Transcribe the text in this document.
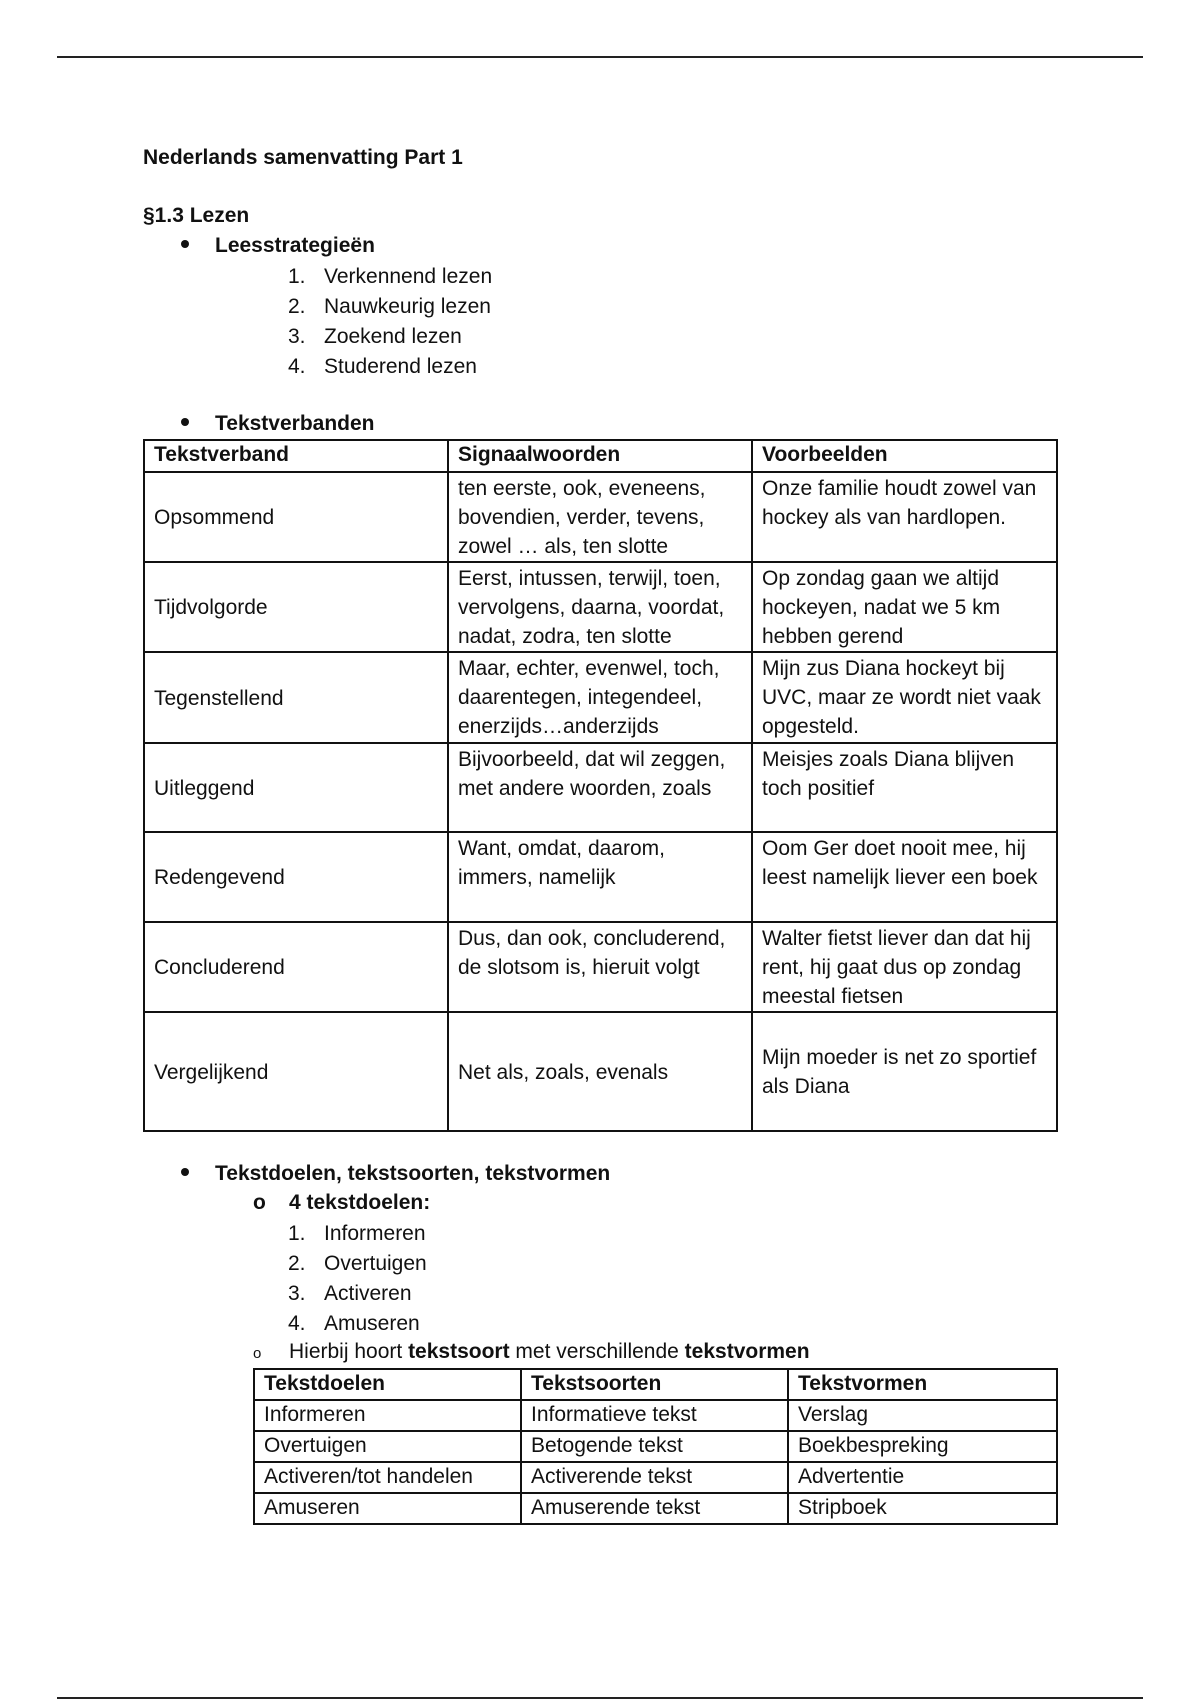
Nederlands samenvatting Part 1
§1.3 Lezen
Leesstrategieën
1. Verkennend lezen
2. Nauwkeurig lezen
3. Zoekend lezen
4. Studerend lezen
Tekstverbanden
Tekstverband	Signaalwoorden	Voorbeelden
Opsommend	ten eerste, ook, eveneens, bovendien, verder, tevens, zowel … als, ten slotte	Onze familie houdt zowel van hockey als van hardlopen.
Tijdvolgorde	Eerst, intussen, terwijl, toen, vervolgens, daarna, voordat, nadat, zodra, ten slotte	Op zondag gaan we altijd hockeyen, nadat we 5 km hebben gerend
Tegenstellend	Maar, echter, evenwel, toch, daarentegen, integendeel, enerzijds…anderzijds	Mijn zus Diana hockeyt bij UVC, maar ze wordt niet vaak opgesteld.
Uitleggend	Bijvoorbeeld, dat wil zeggen, met andere woorden, zoals	Meisjes zoals Diana blijven toch positief
Redengevend	Want, omdat, daarom, immers, namelijk	Oom Ger doet nooit mee, hij leest namelijk liever een boek
Concluderend	Dus, dan ook, concluderend, de slotsom is, hieruit volgt	Walter fietst liever dan dat hij rent, hij gaat dus op zondag meestal fietsen
Vergelijkend	Net als, zoals, evenals	Mijn moeder is net zo sportief als Diana
Tekstdoelen, tekstsoorten, tekstvormen
o 4 tekstdoelen:
1. Informeren
2. Overtuigen
3. Activeren
4. Amuseren
o Hierbij hoort tekstsoort met verschillende tekstvormen
Tekstdoelen	Tekstsoorten	Tekstvormen
Informeren	Informatieve tekst	Verslag
Overtuigen	Betogende tekst	Boekbespreking
Activeren/tot handelen	Activerende tekst	Advertentie
Amuseren	Amuserende tekst	Stripboek
